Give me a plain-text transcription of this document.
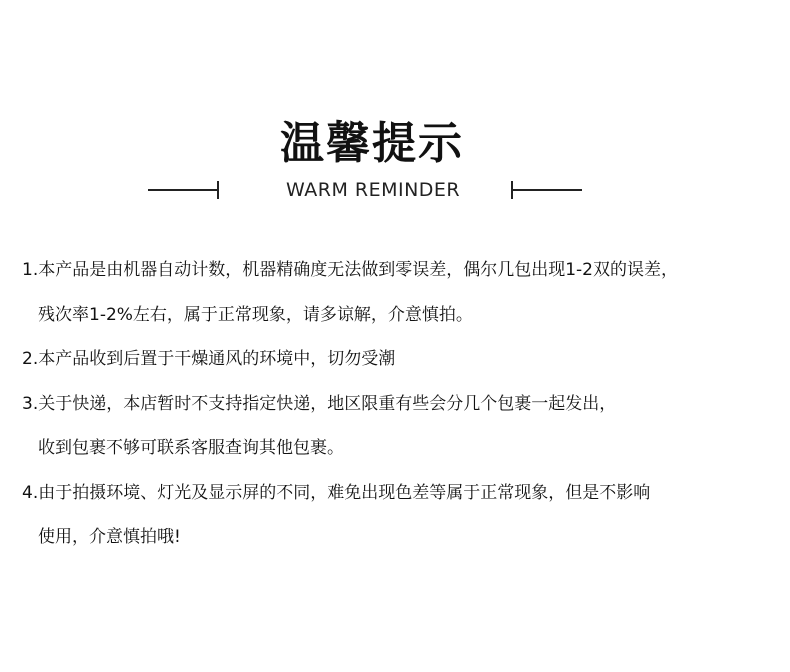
温馨提示
WARM REMINDER
1.本产品是由机器自动计数，机器精确度无法做到零误差，偶尔几包出现1-2双的误差，
残次率1-2%左右，属于正常现象，请多谅解，介意慎拍。
2.本产品收到后置于干燥通风的环境中，切勿受潮
3.关于快递，本店暂时不支持指定快递，地区限重有些会分几个包裹一起发出，
收到包裹不够可联系客服查询其他包裹。
4.由于拍摄环境、灯光及显示屏的不同，难免出现色差等属于正常现象，但是不影响
使用，介意慎拍哦!
